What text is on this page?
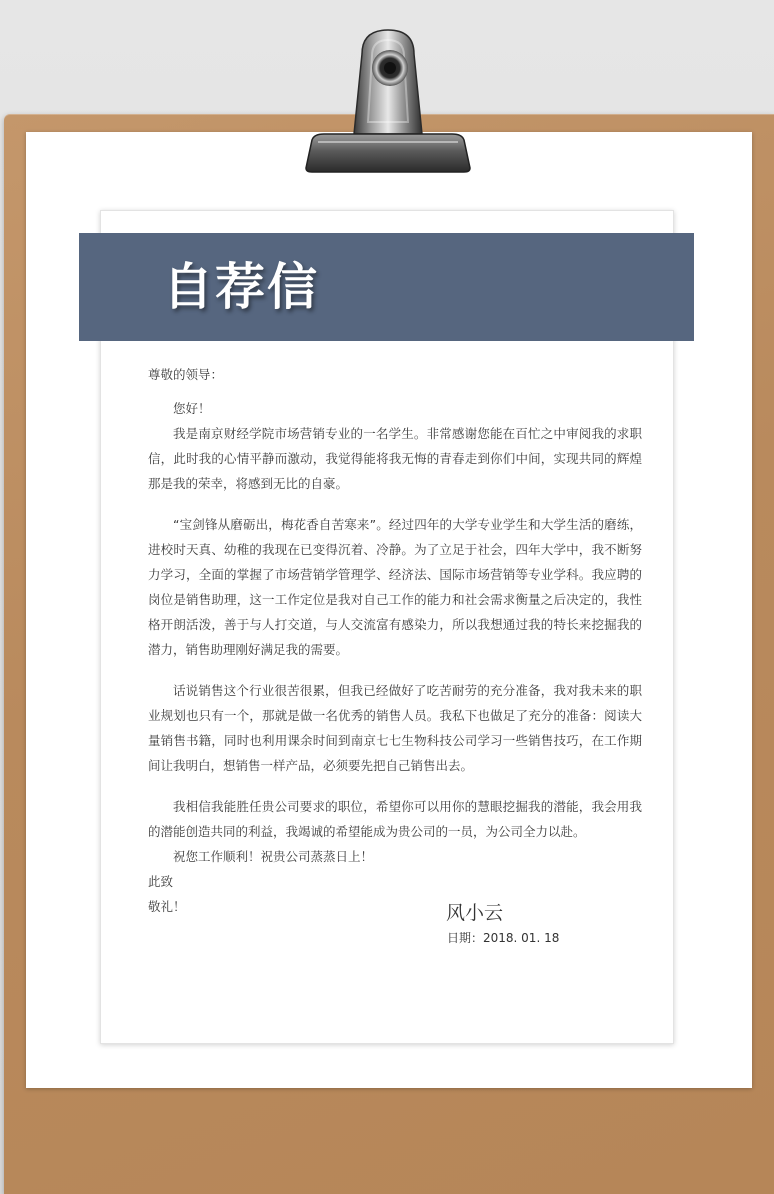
自荐信

尊敬的领导：

您好！

我是南京财经学院市场营销专业的一名学生。非常感谢您能在百忙之中审阅我的求职信，此时我的心情平静而激动，我觉得能将我无悔的青春走到你们中间，实现共同的辉煌那是我的荣幸，将感到无比的自豪。

“宝剑锋从磨砺出，梅花香自苦寒来”。经过四年的大学专业学生和大学生活的磨练，进校时天真、幼稚的我现在已变得沉着、冷静。为了立足于社会，四年大学中，我不断努力学习，全面的掌握了市场营销学管理学、经济法、国际市场营销等专业学科。我应聘的岗位是销售助理，这一工作定位是我对自己工作的能力和社会需求衡量之后决定的，我性格开朗活泼，善于与人打交道，与人交流富有感染力，所以我想通过我的特长来挖掘我的潜力，销售助理刚好满足我的需要。

话说销售这个行业很苦很累，但我已经做好了吃苦耐劳的充分准备，我对我未来的职业规划也只有一个，那就是做一名优秀的销售人员。我私下也做足了充分的准备：阅读大量销售书籍，同时也利用课余时间到南京七七生物科技公司学习一些销售技巧，在工作期间让我明白，想销售一样产品，必须要先把自己销售出去。

我相信我能胜任贵公司要求的职位，希望你可以用你的慧眼挖掘我的潜能，我会用我的潜能创造共同的利益，我竭诚的希望能成为贵公司的一员，为公司全力以赴。

祝您工作顺利！祝贵公司蒸蒸日上！

此致

敬礼！	风小云
日期：2018. 01. 18
